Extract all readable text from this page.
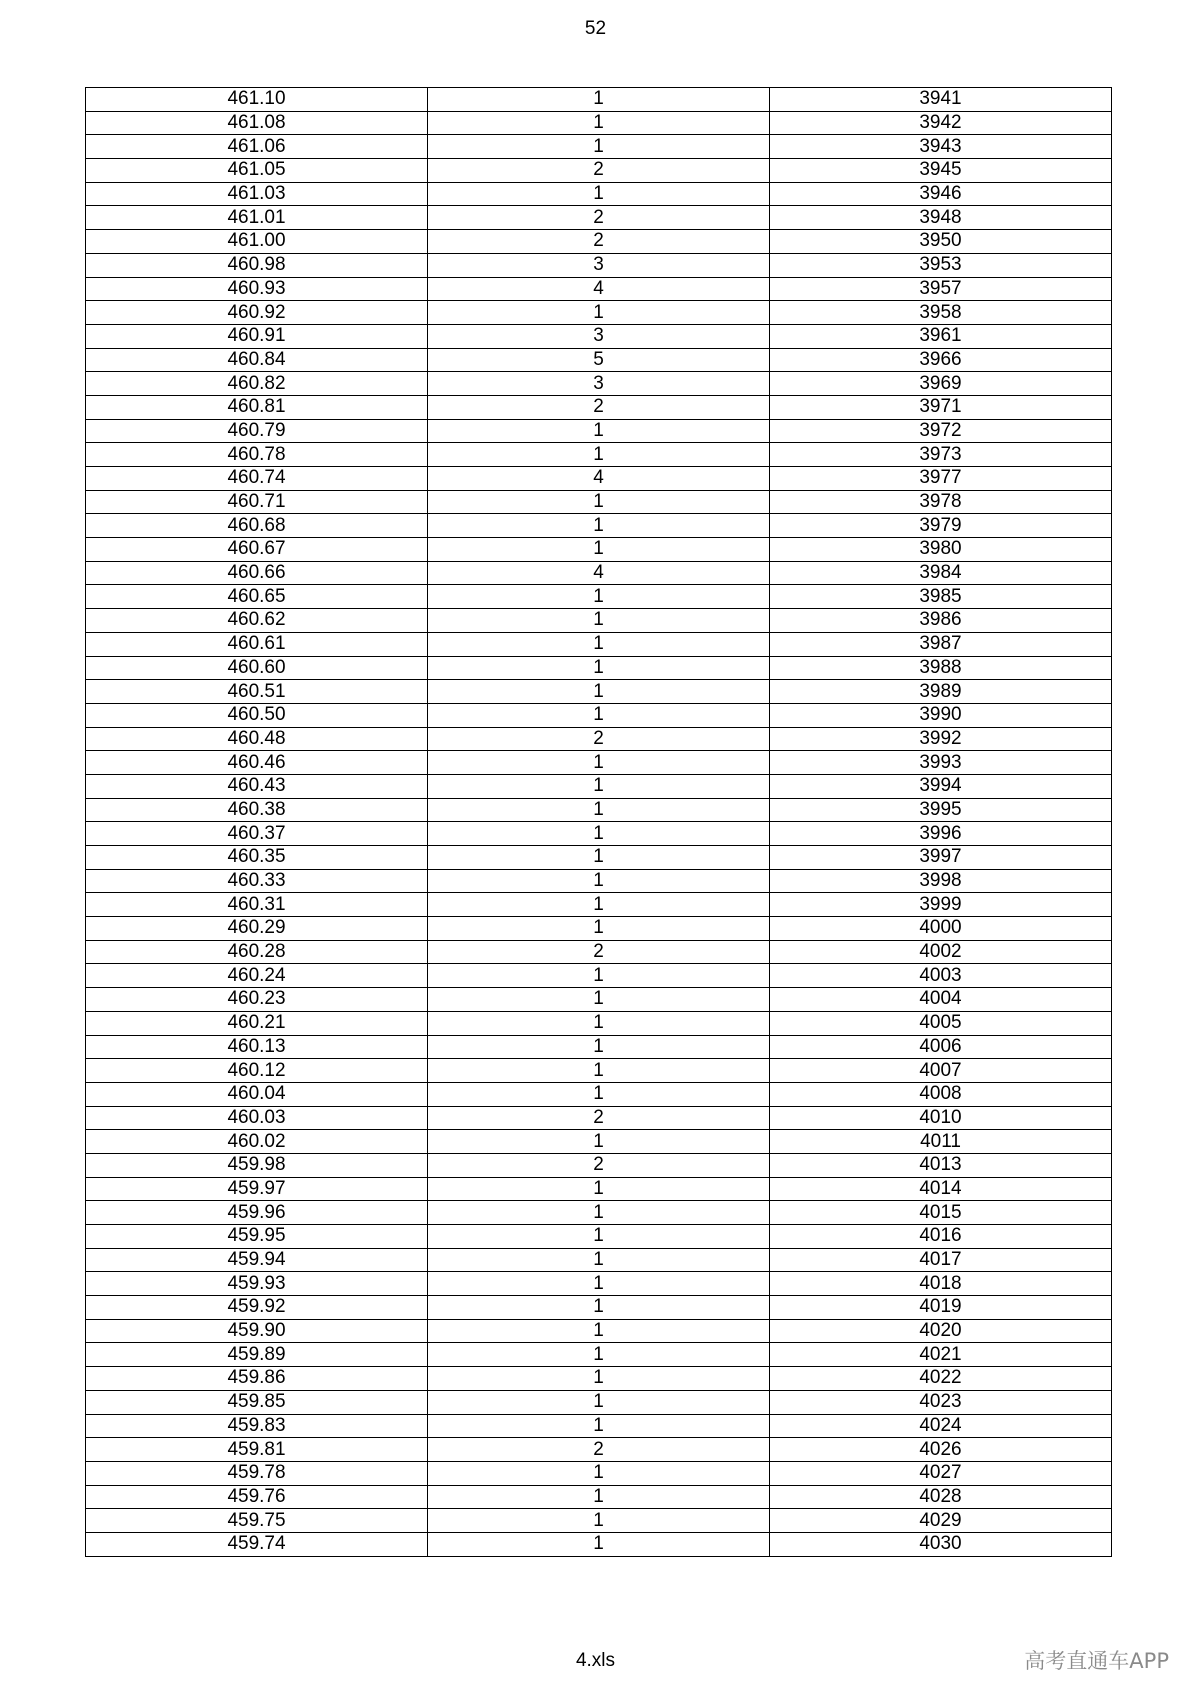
52
461.10	1	3941
461.08	1	3942
461.06	1	3943
461.05	2	3945
461.03	1	3946
461.01	2	3948
461.00	2	3950
460.98	3	3953
460.93	4	3957
460.92	1	3958
460.91	3	3961
460.84	5	3966
460.82	3	3969
460.81	2	3971
460.79	1	3972
460.78	1	3973
460.74	4	3977
460.71	1	3978
460.68	1	3979
460.67	1	3980
460.66	4	3984
460.65	1	3985
460.62	1	3986
460.61	1	3987
460.60	1	3988
460.51	1	3989
460.50	1	3990
460.48	2	3992
460.46	1	3993
460.43	1	3994
460.38	1	3995
460.37	1	3996
460.35	1	3997
460.33	1	3998
460.31	1	3999
460.29	1	4000
460.28	2	4002
460.24	1	4003
460.23	1	4004
460.21	1	4005
460.13	1	4006
460.12	1	4007
460.04	1	4008
460.03	2	4010
460.02	1	4011
459.98	2	4013
459.97	1	4014
459.96	1	4015
459.95	1	4016
459.94	1	4017
459.93	1	4018
459.92	1	4019
459.90	1	4020
459.89	1	4021
459.86	1	4022
459.85	1	4023
459.83	1	4024
459.81	2	4026
459.78	1	4027
459.76	1	4028
459.75	1	4029
459.74	1	4030
4.xls	高考直通车APP
